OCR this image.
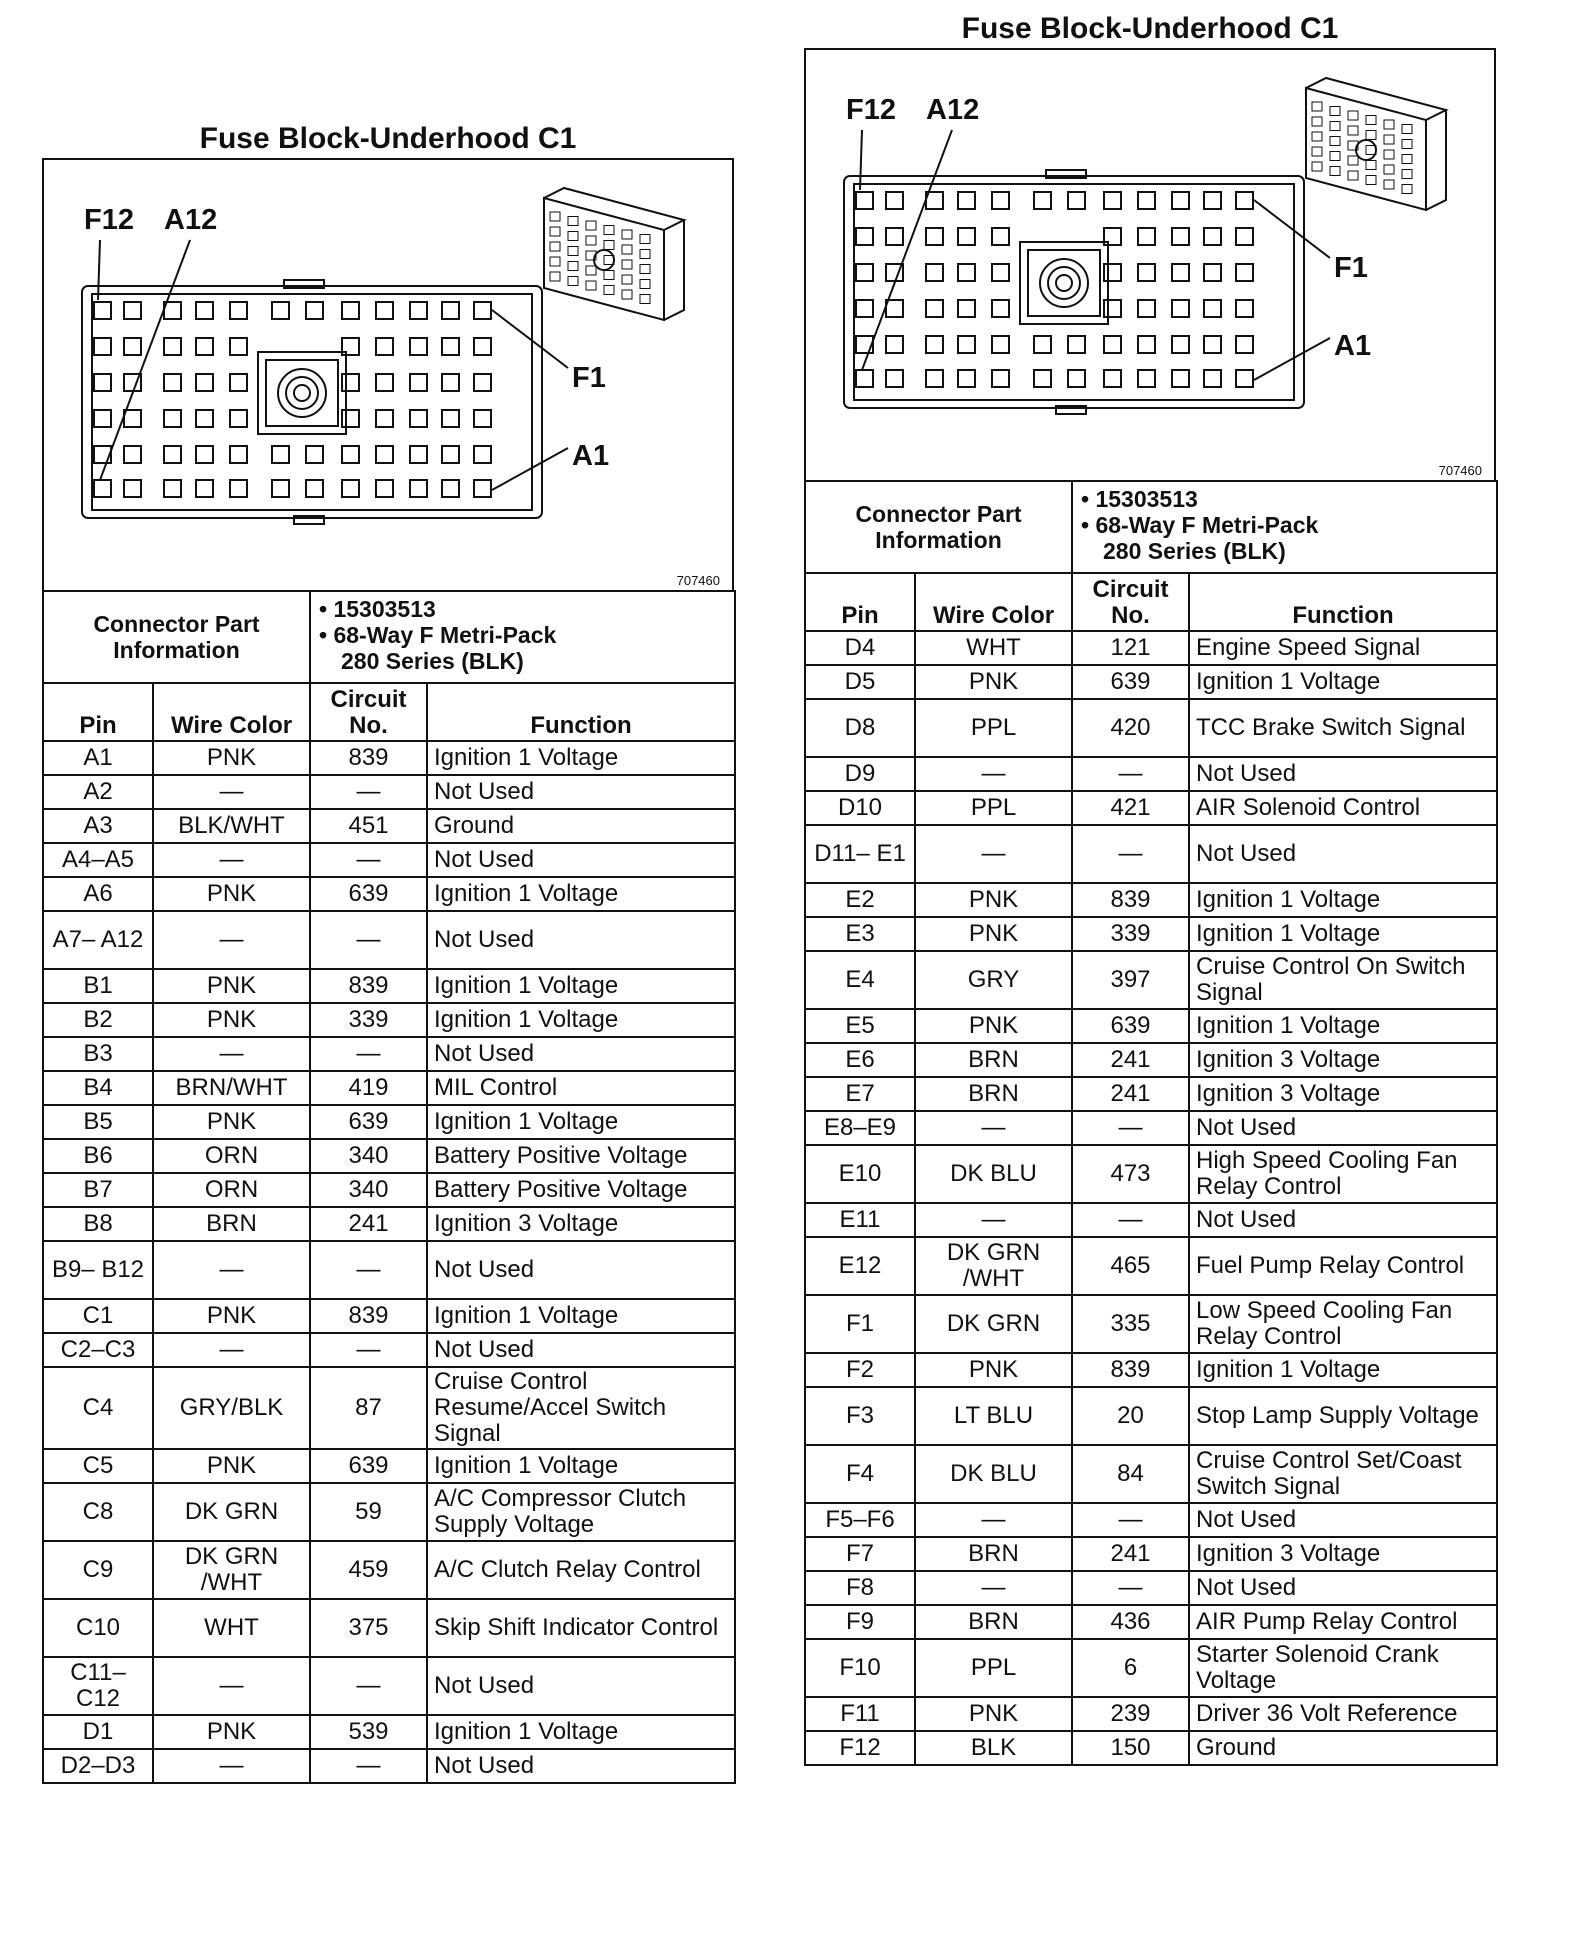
Fuse Block-Underhood C1
F12 A12
F1
A1
707460
Connector Part Information		• 15303513
• 68-Way F Metri-Pack
280 Series (BLK)	

Pin	Wire Color	Circuit No.	Function
A1	PNK	839	Ignition 1 Voltage
A2	—	—	Not Used
A3	BLK/WHT	451	Ground
A4–A5	—	—	Not Used
A6	PNK	639	Ignition 1 Voltage
A7– A12	—	—	Not Used
B1	PNK	839	Ignition 1 Voltage
B2	PNK	339	Ignition 1 Voltage
B3	—	—	Not Used
B4	BRN/WHT	419	MIL Control
B5	PNK	639	Ignition 1 Voltage
B6	ORN	340	Battery Positive Voltage
B7	ORN	340	Battery Positive Voltage
B8	BRN	241	Ignition 3 Voltage
B9– B12	—	—	Not Used
C1	PNK	839	Ignition 1 Voltage
C2–C3	—	—	Not Used
C4	GRY/BLK	87	Cruise Control Resume/Accel Switch Signal
C5	PNK	639	Ignition 1 Voltage
C8	DK GRN	59	A/C Compressor Clutch Supply Voltage
C9	DK GRN /WHT	459	A/C Clutch Relay Control
C10	WHT	375	Skip Shift Indicator Control
C11– C12	—	—	Not Used
D1	PNK	539	Ignition 1 Voltage
D2–D3	—	—	Not Used
Fuse Block-Underhood C1
F12 A12
F1
A1
707460
Connector Part Information		• 15303513
• 68-Way F Metri-Pack
280 Series (BLK)	

Pin	Wire Color	Circuit No.	Function
D4	WHT	121	Engine Speed Signal
D5	PNK	639	Ignition 1 Voltage
D8	PPL	420	TCC Brake Switch Signal
D9	—	—	Not Used
D10	PPL	421	AIR Solenoid Control
D11– E1	—	—	Not Used
E2	PNK	839	Ignition 1 Voltage
E3	PNK	339	Ignition 1 Voltage
E4	GRY	397	Cruise Control On Switch Signal
E5	PNK	639	Ignition 1 Voltage
E6	BRN	241	Ignition 3 Voltage
E7	BRN	241	Ignition 3 Voltage
E8–E9	—	—	Not Used
E10	DK BLU	473	High Speed Cooling Fan Relay Control
E11	—	—	Not Used
E12	DK GRN /WHT	465	Fuel Pump Relay Control
F1	DK GRN	335	Low Speed Cooling Fan Relay Control
F2	PNK	839	Ignition 1 Voltage
F3	LT BLU	20	Stop Lamp Supply Voltage
F4	DK BLU	84	Cruise Control Set/Coast Switch Signal
F5–F6	—	—	Not Used
F7	BRN	241	Ignition 3 Voltage
F8	—	—	Not Used
F9	BRN	436	AIR Pump Relay Control
F10	PPL	6	Starter Solenoid Crank Voltage
F11	PNK	239	Driver 36 Volt Reference
F12	BLK	150	Ground
